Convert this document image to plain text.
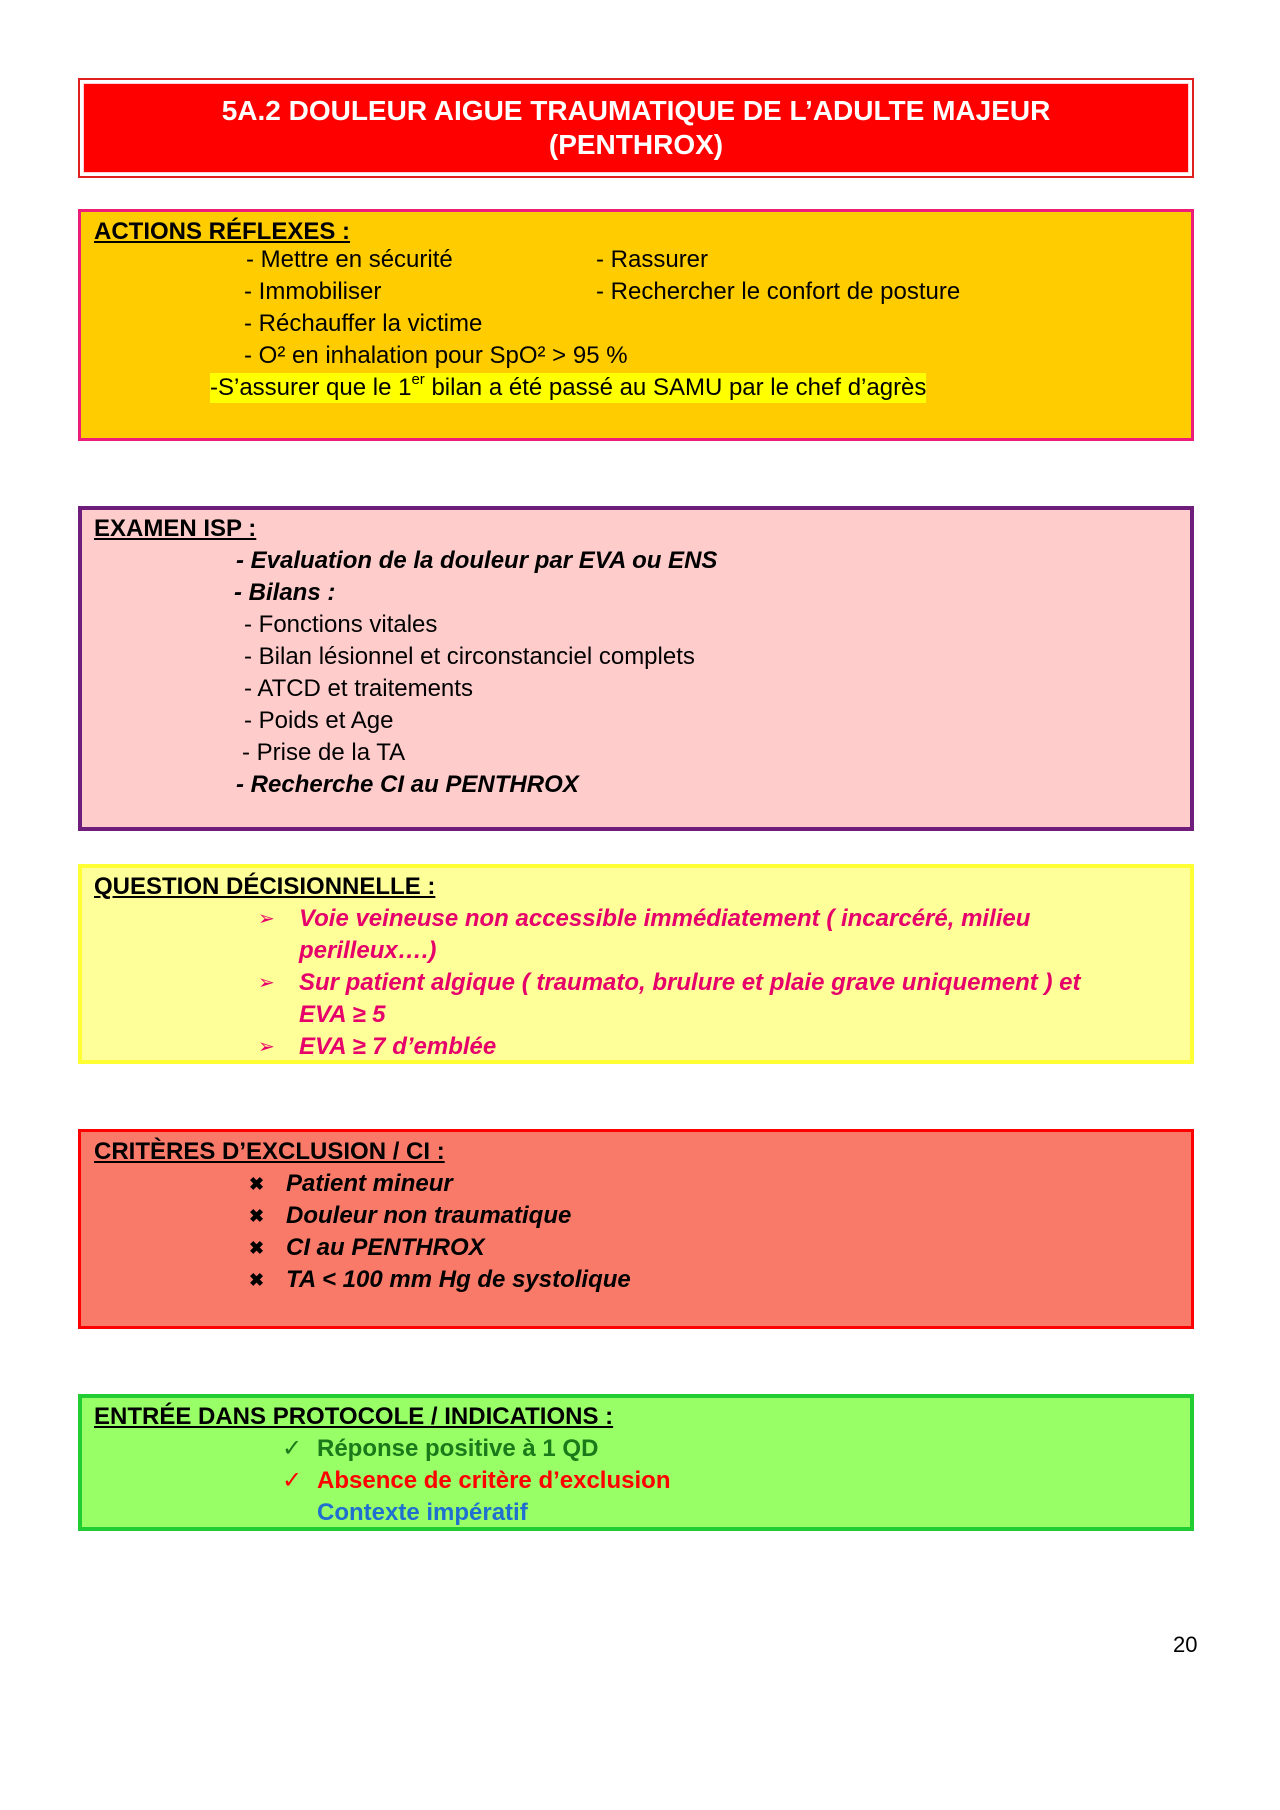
5A.2 DOULEUR AIGUE TRAUMATIQUE DE L’ADULTE MAJEUR
(PENTHROX)
ACTIONS RÉFLEXES :
- Mettre en sécurité
- Immobiliser
- Réchauffer la victime
- O² en inhalation pour SpO² > 95 %
- Rassurer
- Rechercher le confort de posture
-S’assurer que le 1er bilan a été passé au SAMU par le chef d’agrès
EXAMEN ISP :
- Evaluation de la douleur par EVA ou ENS
- Bilans :
- Fonctions vitales
- Bilan lésionnel et circonstanciel complets
- ATCD et traitements
- Poids et Age
- Prise de la TA
- Recherche CI au PENTHROX
QUESTION DÉCISIONNELLE :
➢ Voie veineuse non accessible immédiatement ( incarcéré, milieu
perilleux….)
➢ Sur patient algique ( traumato, brulure et plaie grave uniquement ) et
EVA ≥ 5
➢ EVA ≥ 7 d’emblée
CRITÈRES D’EXCLUSION / CI :
✖ Patient mineur
✖ Douleur non traumatique
✖ CI au PENTHROX
✖ TA < 100 mm Hg de systolique
ENTRÉE DANS PROTOCOLE / INDICATIONS :
✓ Réponse positive à 1 QD
✓ Absence de critère d’exclusion
Contexte impératif
20
